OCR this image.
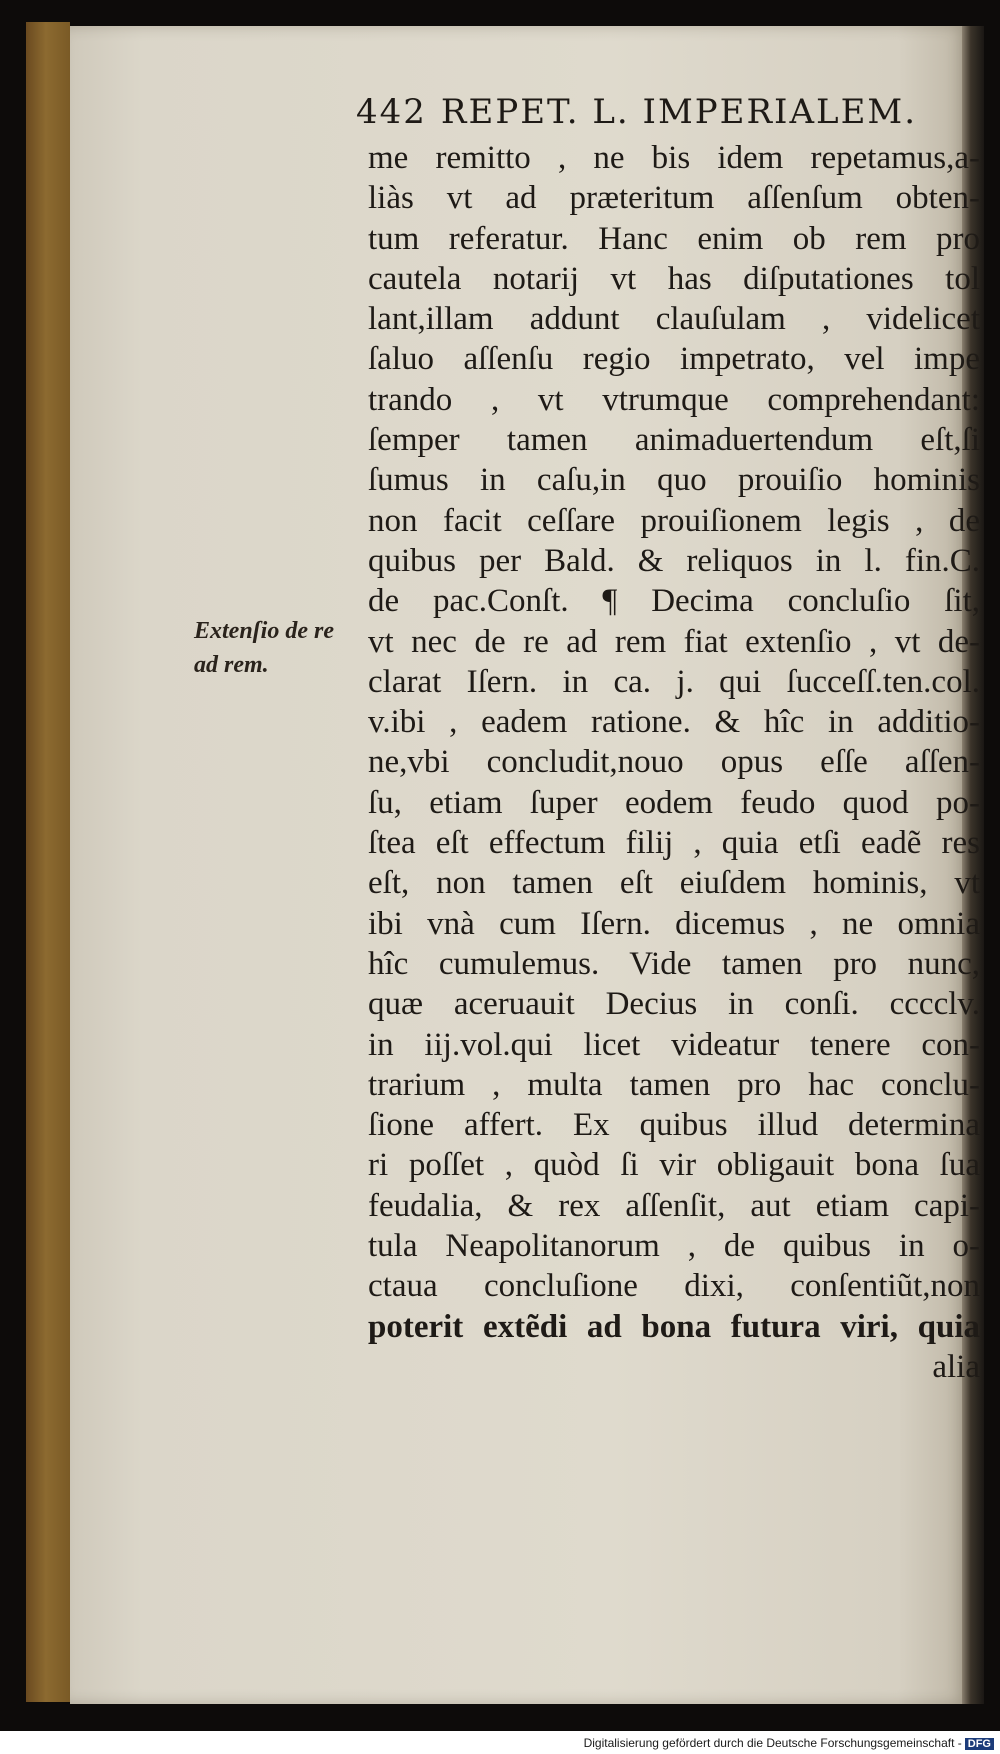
442 REPET. L. IMPERIALEM.
Extenſio de re
ad rem.
me remitto , ne bis idem repetamus,a-
liàs vt ad præteritum aſſenſum obten-
tum referatur. Hanc enim ob rem pro
cautela notarij vt has diſputationes tol
lant,illam addunt clauſulam , videlicet
ſaluo aſſenſu regio impetrato, vel impe
trando , vt vtrumque comprehendant:
ſemper tamen animaduertendum eſt,ſi
ſumus in caſu,in quo prouiſio hominis
non facit ceſſare prouiſionem legis , de
quibus per Bald. & reliquos in l. fin.C.
de pac.Conſt. ¶ Decima concluſio ſit,
vt nec de re ad rem fiat extenſio , vt de-
clarat Iſern. in ca. j. qui ſucceſſ.ten.col.
v.ibi , eadem ratione. & hîc in additio-
ne,vbi concludit,nouo opus eſſe aſſen-
ſu, etiam ſuper eodem feudo quod po-
ſtea eſt effectum filij , quia etſi eadẽ res
eſt, non tamen eſt eiuſdem hominis, vt
ibi vnà cum Iſern. dicemus , ne omnia
hîc cumulemus. Vide tamen pro nunc,
quæ aceruauit Decius in conſi. cccclv.
in iij.vol.qui licet videatur tenere con-
trarium , multa tamen pro hac conclu-
ſione affert. Ex quibus illud determina
ri poſſet , quòd ſi vir obligauit bona ſua
feudalia, & rex aſſenſit, aut etiam capi-
tula Neapolitanorum , de quibus in o-
ctaua concluſione dixi, conſentiũt,non
poterit extẽdi ad bona futura viri, quia
alia
Digitalisierung gefördert durch die Deutsche Forschungsgemeinschaft - DFG
